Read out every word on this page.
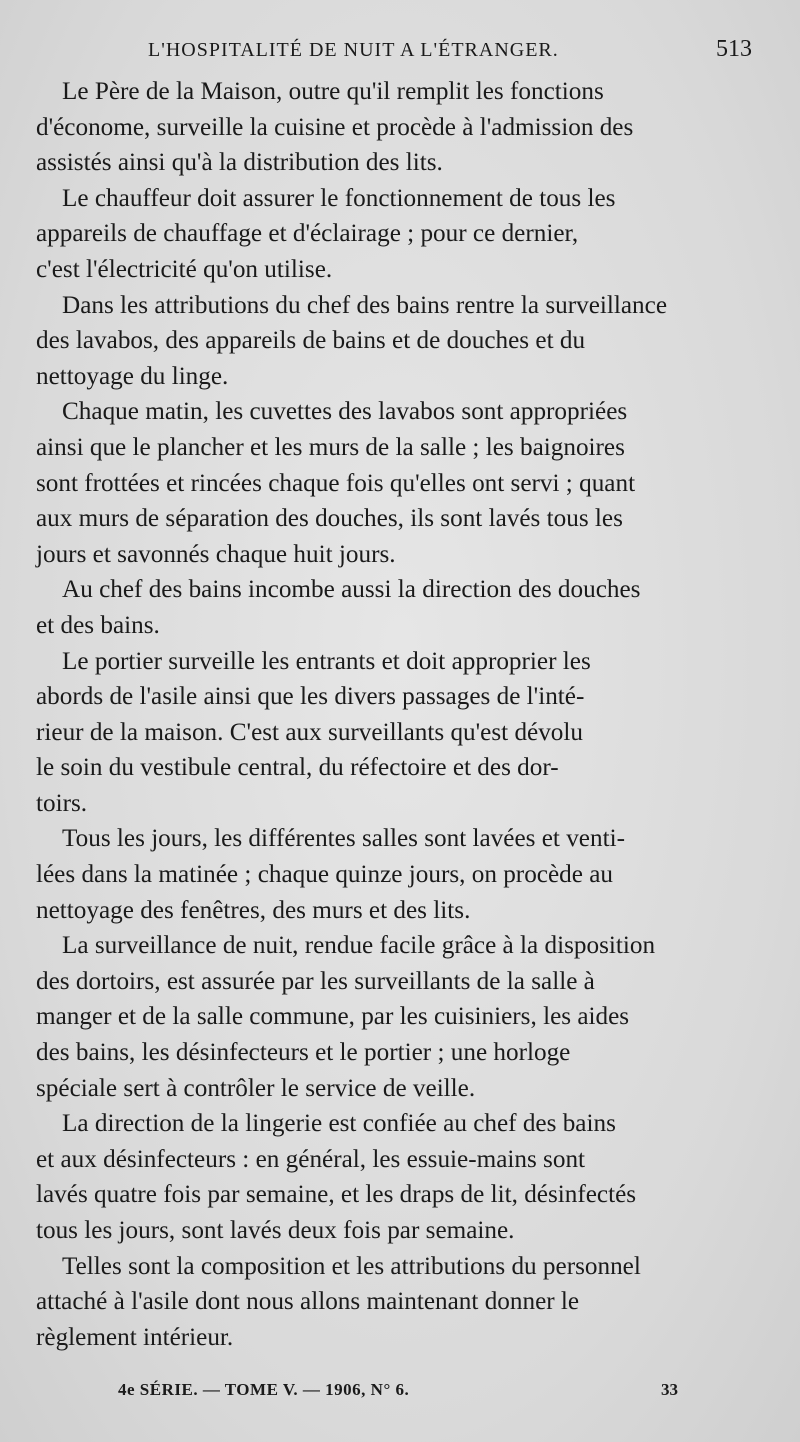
L'HOSPITALITÉ DE NUIT A L'ÉTRANGER.	513

Le Père de la Maison, outre qu'il remplit les fonctions
d'économe, surveille la cuisine et procède à l'admission des
assistés ainsi qu'à la distribution des lits.

Le chauffeur doit assurer le fonctionnement de tous les
appareils de chauffage et d'éclairage ; pour ce dernier,
c'est l'électricité qu'on utilise.

Dans les attributions du chef des bains rentre la surveillance
des lavabos, des appareils de bains et de douches et du
nettoyage du linge.

Chaque matin, les cuvettes des lavabos sont appropriées
ainsi que le plancher et les murs de la salle ; les baignoires
sont frottées et rincées chaque fois qu'elles ont servi ; quant
aux murs de séparation des douches, ils sont lavés tous les
jours et savonnés chaque huit jours.

Au chef des bains incombe aussi la direction des douches
et des bains.

Le portier surveille les entrants et doit approprier les
abords de l'asile ainsi que les divers passages de l'inté-
rieur de la maison. C'est aux surveillants qu'est dévolu
le soin du vestibule central, du réfectoire et des dor-
toirs.

Tous les jours, les différentes salles sont lavées et venti-
lées dans la matinée ; chaque quinze jours, on procède au
nettoyage des fenêtres, des murs et des lits.

La surveillance de nuit, rendue facile grâce à la disposition
des dortoirs, est assurée par les surveillants de la salle à
manger et de la salle commune, par les cuisiniers, les aides
des bains, les désinfecteurs et le portier ; une horloge
spéciale sert à contrôler le service de veille.

La direction de la lingerie est confiée au chef des bains
et aux désinfecteurs : en général, les essuie-mains sont
lavés quatre fois par semaine, et les draps de lit, désinfectés
tous les jours, sont lavés deux fois par semaine.

Telles sont la composition et les attributions du personnel
attaché à l'asile dont nous allons maintenant donner le
règlement intérieur.

4e SÉRIE. — TOME V. — 1906, N° 6.	33
